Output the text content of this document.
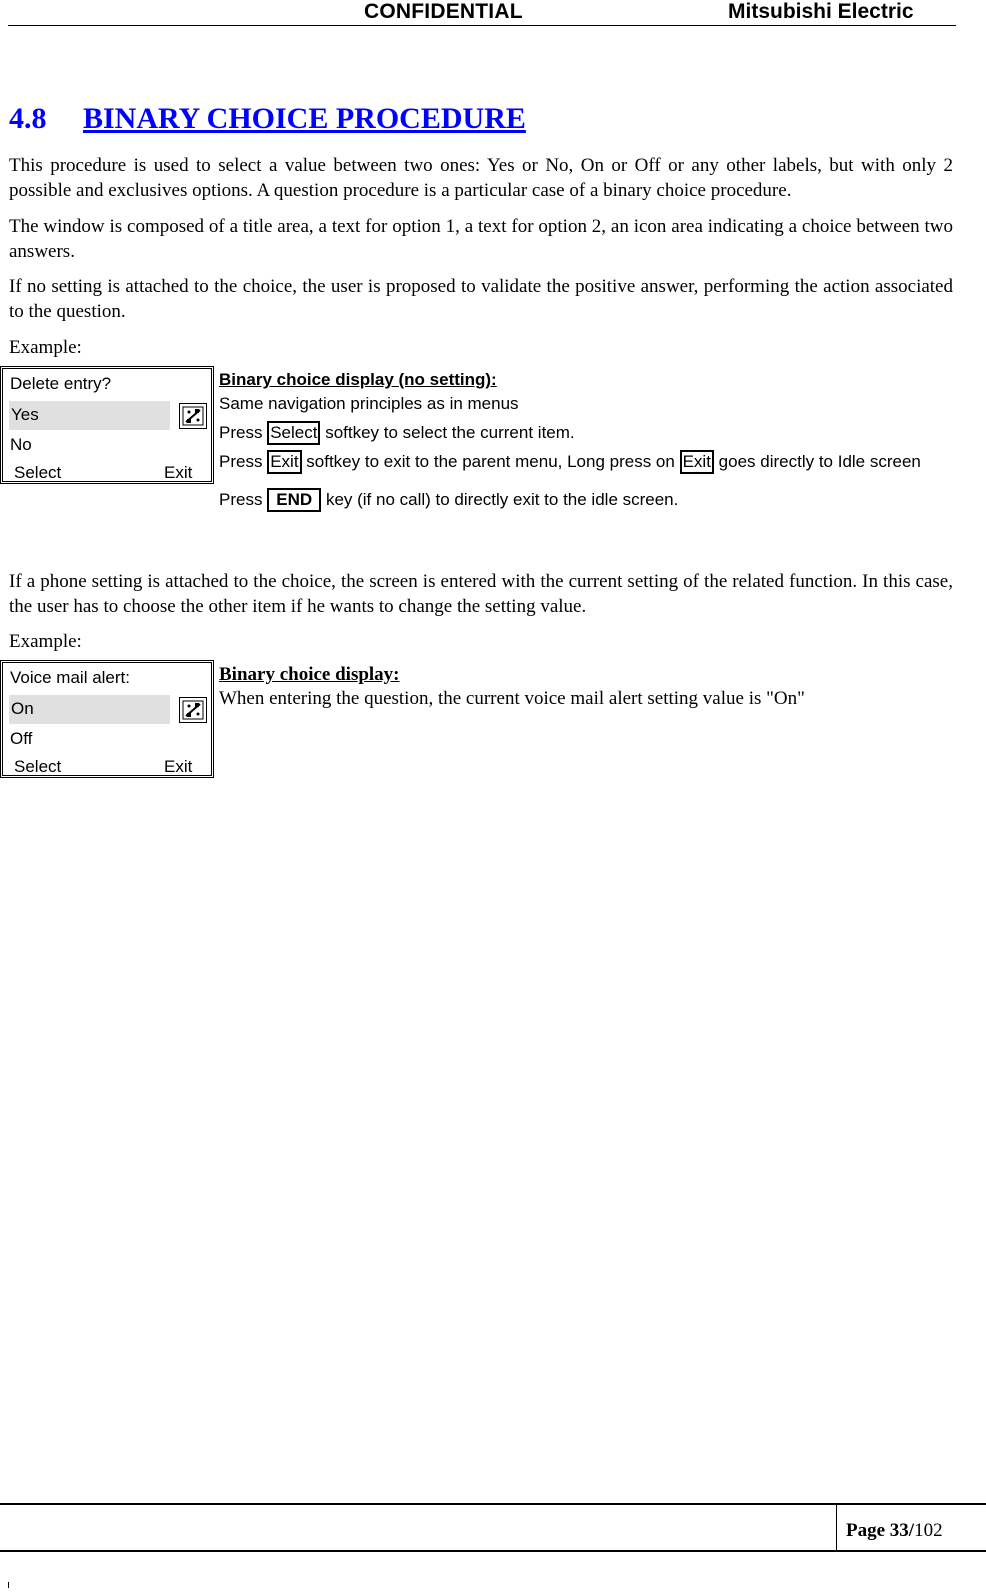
CONFIDENTIAL	Mitsubishi Electric
4.8 BINARY CHOICE PROCEDURE
This procedure is used to select a value between two ones: Yes or No, On or Off or any other labels, but with only 2 possible and exclusives options. A question procedure is a particular case of a binary choice procedure.
The window is composed of a title area, a text for option 1, a text for option 2, an icon area indicating a choice between two answers.
If no setting is attached to the choice, the user is proposed to validate the positive answer, performing the action associated to the question.
Example:
Delete entry?
Yes
No
Select	Exit
Binary choice display (no setting):
Same navigation principles as in menus
Press Select softkey to select the current item.
Press Exit softkey to exit to the parent menu, Long press on Exit goes directly to Idle screen
Press END key (if no call) to directly exit to the idle screen.
If a phone setting is attached to the choice, the screen is entered with the current setting of the related function. In this case, the user has to choose the other item if he wants to change the setting value.
Example:
Voice mail alert:
On
Off
Select	Exit
Binary choice display:
When entering the question, the current voice mail alert setting value is "On"
Page 33/102
